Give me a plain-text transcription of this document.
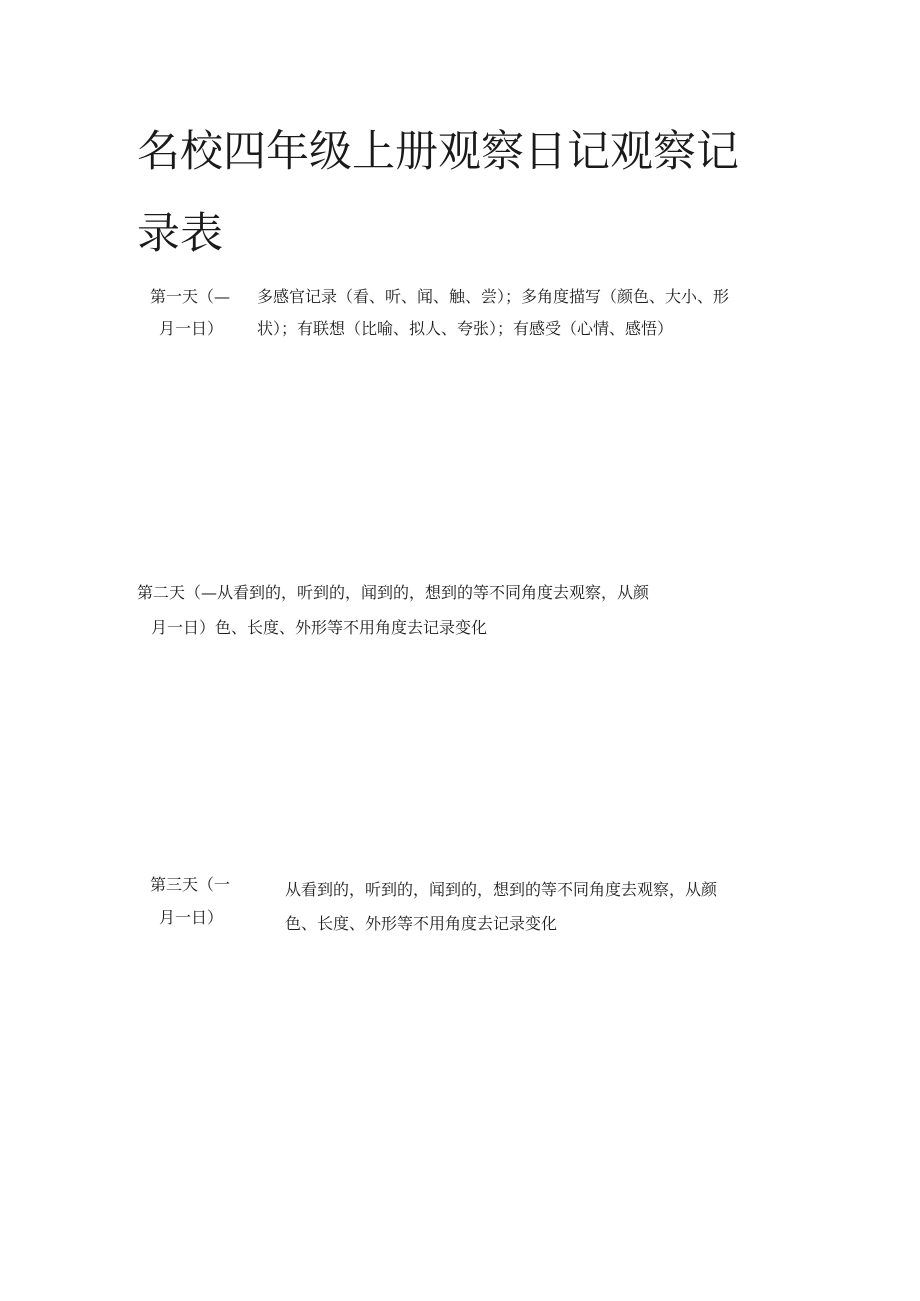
名校四年级上册观察日记观察记
录表
第一天（—
月一日）
多感官记录（看、听、闻、触、尝）；多角度描写（颜色、大小、形
状）；有联想（比喻、拟人、夸张）；有感受（心情、感悟）
第二天（—从看到的，听到的，闻到的，想到的等不同角度去观察，从颜
月一日）色、长度、外形等不用角度去记录变化
第三天（一
月一日）
从看到的，听到的，闻到的，想到的等不同角度去观察，从颜
色、长度、外形等不用角度去记录变化
